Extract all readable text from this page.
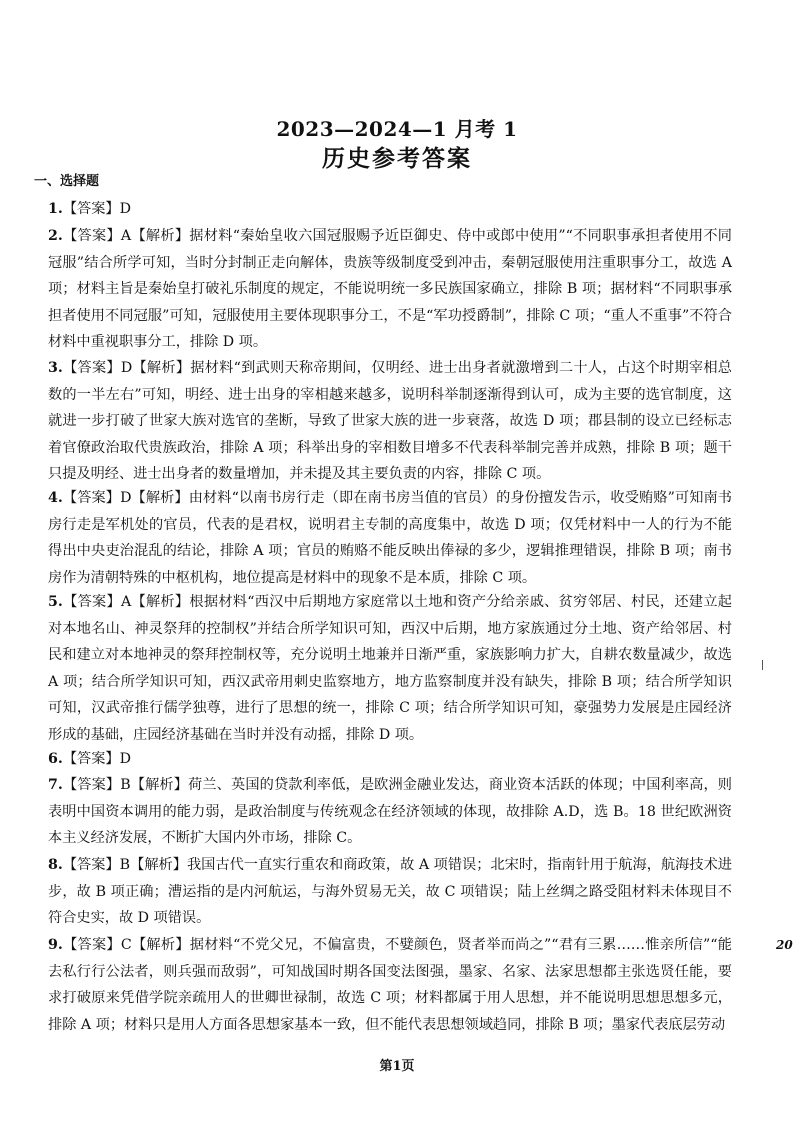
2023—2024—1 月考 1
历史参考答案
一、选择题
1.【答案】D
2.【答案】A【解析】据材料“秦始皇收六国冠服赐予近臣御史、侍中或郎中使用”“不同职事承担者使用不同冠服”结合所学可知，当时分封制正走向解体，贵族等级制度受到冲击，秦朝冠服使用注重职事分工，故选 A 项；材料主旨是秦始皇打破礼乐制度的规定，不能说明统一多民族国家确立，排除 B 项；据材料“不同职事承担者使用不同冠服”可知，冠服使用主要体现职事分工，不是“军功授爵制”，排除 C 项；“重人不重事”不符合材料中重视职事分工，排除 D 项。
3.【答案】D【解析】据材料“到武则天称帝期间，仅明经、进士出身者就激增到二十人，占这个时期宰相总数的一半左右”可知，明经、进士出身的宰相越来越多，说明科举制逐渐得到认可，成为主要的选官制度，这就进一步打破了世家大族对选官的垄断，导致了世家大族的进一步衰落，故选 D 项；郡县制的设立已经标志着官僚政治取代贵族政治，排除 A 项；科举出身的宰相数目增多不代表科举制完善并成熟，排除 B 项；题干只提及明经、进士出身者的数量增加，并未提及其主要负责的内容，排除 C 项。
4.【答案】D【解析】由材料“以南书房行走（即在南书房当值的官员）的身份擅发告示，收受贿赂”可知南书房行走是军机处的官员，代表的是君权，说明君主专制的高度集中，故选 D 项；仅凭材料中一人的行为不能得出中央吏治混乱的结论，排除 A 项；官员的贿赂不能反映出俸禄的多少，逻辑推理错误，排除 B 项；南书房作为清朝特殊的中枢机构，地位提高是材料中的现象不是本质，排除 C 项。
5.【答案】A【解析】根据材料“西汉中后期地方家庭常以土地和资产分给亲戚、贫穷邻居、村民，还建立起对本地名山、神灵祭拜的控制权”并结合所学知识可知，西汉中后期，地方家族通过分土地、资产给邻居、村民和建立对本地神灵的祭拜控制权等，充分说明土地兼并日渐严重，家族影响力扩大，自耕农数量减少，故选 A 项；结合所学知识可知，西汉武帝用刺史监察地方，地方监察制度并没有缺失，排除 B 项；结合所学知识可知，汉武帝推行儒学独尊，进行了思想的统一，排除 C 项；结合所学知识可知，豪强势力发展是庄园经济形成的基础，庄园经济基础在当时并没有动摇，排除 D 项。
6.【答案】D
7.【答案】B【解析】荷兰、英国的贷款利率低，是欧洲金融业发达，商业资本活跃的体现；中国利率高，则表明中国资本调用的能力弱，是政治制度与传统观念在经济领域的体现，故排除 A.D，选 B。18 世纪欧洲资本主义经济发展，不断扩大国内外市场，排除 C。
8.【答案】B【解析】我国古代一直实行重农和商政策，故 A 项错误；北宋时，指南针用于航海，航海技术进步，故 B 项正确；漕运指的是内河航运，与海外贸易无关，故 C 项错误；陆上丝绸之路受阻材料未体现目不符合史实，故 D 项错误。
9.【答案】C【解析】据材料“不党父兄，不偏富贵，不嬖颜色，贤者举而尚之”“君有三累……惟亲所信”“能去私行行公法者，则兵强而敌弱”，可知战国时期各国变法图强，墨家、名家、法家思想都主张选贤任能，要求打破原来凭借学院亲疏用人的世卿世禄制，故选 C 项；材料都属于用人思想，并不能说明思想思想多元，排除 A 项；材料只是用人方面各思想家基本一致，但不能代表思想领域趋同，排除 B 项；墨家代表底层劳动
20
第1页
